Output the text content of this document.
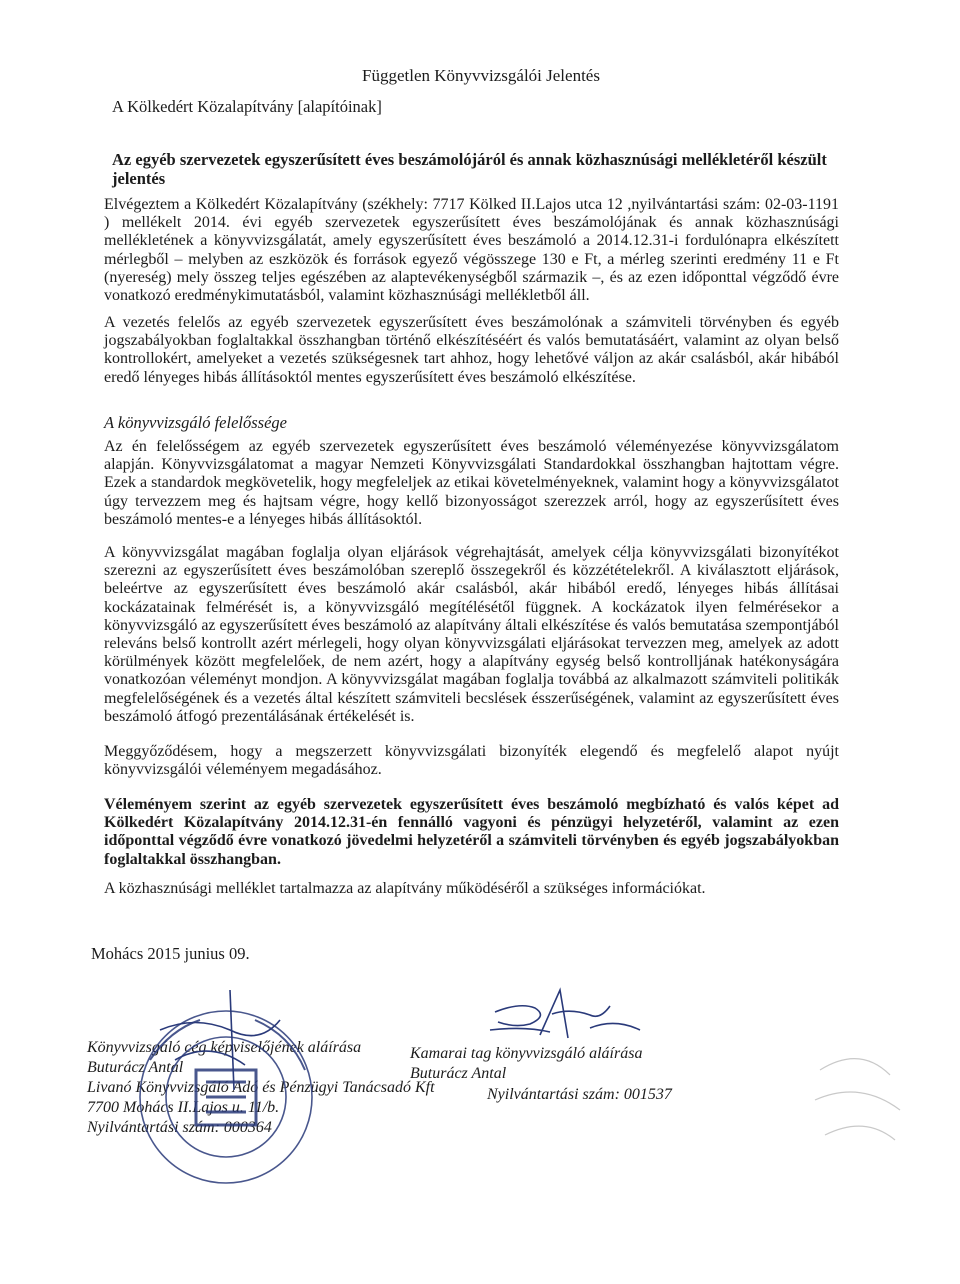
Független Könyvvizsgálói Jelentés
A Kölkedért Közalapítvány [alapítóinak]
Az egyéb szervezetek egyszerűsített éves beszámolójáról és annak közhasznúsági mellékletéről készült jelentés
Elvégeztem a Kölkedért Közalapítvány (székhely: 7717 Kölked II.Lajos utca 12 ,nyilvántartási szám: 02-03-1191 ) mellékelt 2014. évi egyéb szervezetek egyszerűsített éves beszámolójának és annak közhasznúsági mellékletének a könyvvizsgálatát, amely egyszerűsített éves beszámoló a 2014.12.31-i fordulónapra elkészített mérlegből – melyben az eszközök és források egyező végösszege 130 e Ft, a mérleg szerinti eredmény 11 e Ft (nyereség) mely összeg teljes egészében az alaptevékenységből származik –, és az ezen időponttal végződő évre vonatkozó eredménykimutatásból, valamint közhasznúsági mellékletből áll.
A vezetés felelős az egyéb szervezetek egyszerűsített éves beszámolónak a számviteli törvényben és egyéb jogszabályokban foglaltakkal összhangban történő elkészítéséért és valós bemutatásáért, valamint az olyan belső kontrollokért, amelyeket a vezetés szükségesnek tart ahhoz, hogy lehetővé váljon az akár csalásból, akár hibából eredő lényeges hibás állításoktól mentes egyszerűsített éves beszámoló elkészítése.
A könyvvizsgáló felelőssége
Az én felelősségem az egyéb szervezetek egyszerűsített éves beszámoló véleményezése könyvvizsgálatom alapján. Könyvvizsgálatomat a magyar Nemzeti Könyvvizsgálati Standardokkal összhangban hajtottam végre. Ezek a standardok megkövetelik, hogy megfeleljek az etikai követelményeknek, valamint hogy a könyvvizsgálatot úgy tervezzem meg és hajtsam végre, hogy kellő bizonyosságot szerezzek arról, hogy az egyszerűsített éves beszámoló mentes-e a lényeges hibás állításoktól.
A könyvvizsgálat magában foglalja olyan eljárások végrehajtását, amelyek célja könyvvizsgálati bizonyítékot szerezni az egyszerűsített éves beszámolóban szereplő összegekről és közzétételekről. A kiválasztott eljárások, beleértve az egyszerűsített éves beszámoló akár csalásból, akár hibából eredő, lényeges hibás állításai kockázatainak felmérését is, a könyvvizsgáló megítélésétől függnek. A kockázatok ilyen felmérésekor a könyvvizsgáló az egyszerűsített éves beszámoló az alapítvány általi elkészítése és valós bemutatása szempontjából releváns belső kontrollt azért mérlegeli, hogy olyan könyvvizsgálati eljárásokat tervezzen meg, amelyek az adott körülmények között megfelelőek, de nem azért, hogy a alapítvány egység belső kontrolljának hatékonyságára vonatkozóan véleményt mondjon. A könyvvizsgálat magában foglalja továbbá az alkalmazott számviteli politikák megfelelőségének és a vezetés által készített számviteli becslések ésszerűségének, valamint az egyszerűsített éves beszámoló átfogó prezentálásának értékelését is.
Meggyőződésem, hogy a megszerzett könyvvizsgálati bizonyíték elegendő és megfelelő alapot nyújt könyvvizsgálói véleményem megadásához.
Véleményem szerint az egyéb szervezetek egyszerűsített éves beszámoló megbízható és valós képet ad Kölkedért Közalapítvány 2014.12.31-én fennálló vagyoni és pénzügyi helyzetéről, valamint az ezen időponttal végződő évre vonatkozó jövedelmi helyzetéről a számviteli törvényben és egyéb jogszabályokban foglaltakkal összhangban.
A közhasznúsági melléklet tartalmazza az alapítvány működéséről a szükséges információkat.
Mohács 2015 junius 09.
Könyvvizsgáló cég képviselőjének aláírása
Buturácz Antal
Livanó Könyvvizsgáló Adó és Pénzügyi Tanácsadó Kft
7700 Mohács II.Lajos u. 11/b.
Nyilvántartási szám: 000364
Kamarai tag könyvvizsgáló aláírása
Buturácz Antal
Nyilvántartási szám: 001537
